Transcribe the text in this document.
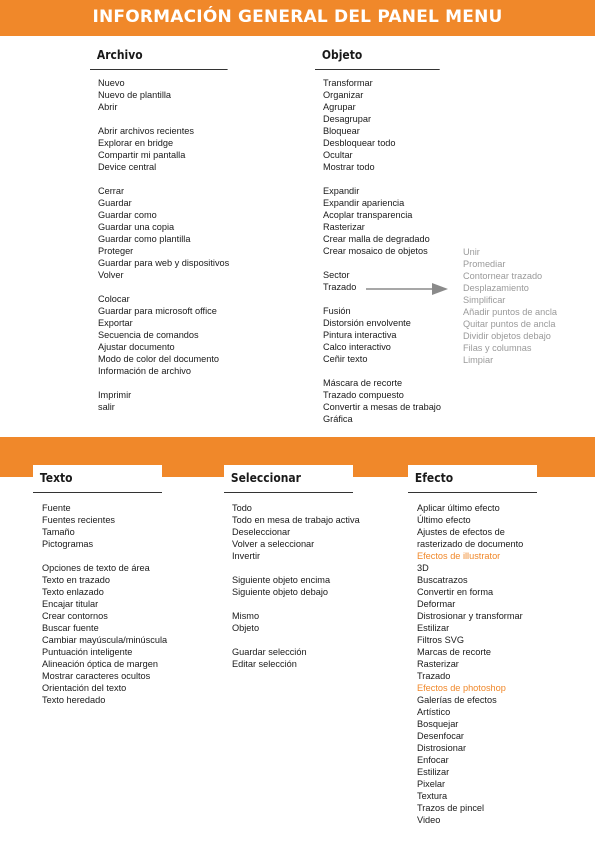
INFORMACIÓN GENERAL DEL PANEL MENU
Archivo
Nuevo
Nuevo de plantilla
Abrir
Abrir archivos recientes
Explorar en bridge
Compartir mi pantalla
Device central
Cerrar
Guardar
Guardar como
Guardar una copia
Guardar como plantilla
Proteger
Guardar para web y dispositivos
Volver
Colocar
Guardar para microsoft office
Exportar
Secuencia de comandos
Ajustar documento
Modo de color del documento
Información de archivo
Imprimir
salir
Objeto
Transformar
Organizar
Agrupar
Desagrupar
Bloquear
Desbloquear todo
Ocultar
Mostrar todo
Expandir
Expandir apariencia
Acoplar transparencia
Rasterizar
Crear malla de degradado
Crear mosaico de objetos
Sector
Trazado
Fusión
Distorsión envolvente
Pintura interactiva
Calco interactivo
Ceñir texto
Máscara de recorte
Trazado compuesto
Convertir a mesas de trabajo
Gráfica
Unir
Promediar
Contornear trazado
Desplazamiento
Simplificar
Añadir puntos de ancla
Quitar puntos de ancla
Dividir objetos debajo
Filas y columnas
Limpiar
Texto
Fuente
Fuentes recientes
Tamaño
Pictogramas
Opciones de texto de área
Texto en trazado
Texto enlazado
Encajar titular
Crear contornos
Buscar fuente
Cambiar mayúscula/minúscula
Puntuación inteligente
Alineación óptica de margen
Mostrar caracteres ocultos
Orientación del texto
Texto heredado
Seleccionar
Todo
Todo en mesa de trabajo activa
Deseleccionar
Volver a seleccionar
Invertir
Siguiente objeto encima
Siguiente objeto debajo
Mismo
Objeto
Guardar selección
Editar selección
Efecto
Aplicar último efecto
Último efecto
Ajustes de efectos de
rasterizado de documento
Efectos de illustrator
3D
Buscatrazos
Convertir en forma
Deformar
Distrosionar y transformar
Estilizar
Filtros SVG
Marcas de recorte
Rasterizar
Trazado
Efectos de photoshop
Galerías de efectos
Artístico
Bosquejar
Desenfocar
Distrosionar
Enfocar
Estilizar
Pixelar
Textura
Trazos de pincel
Video
